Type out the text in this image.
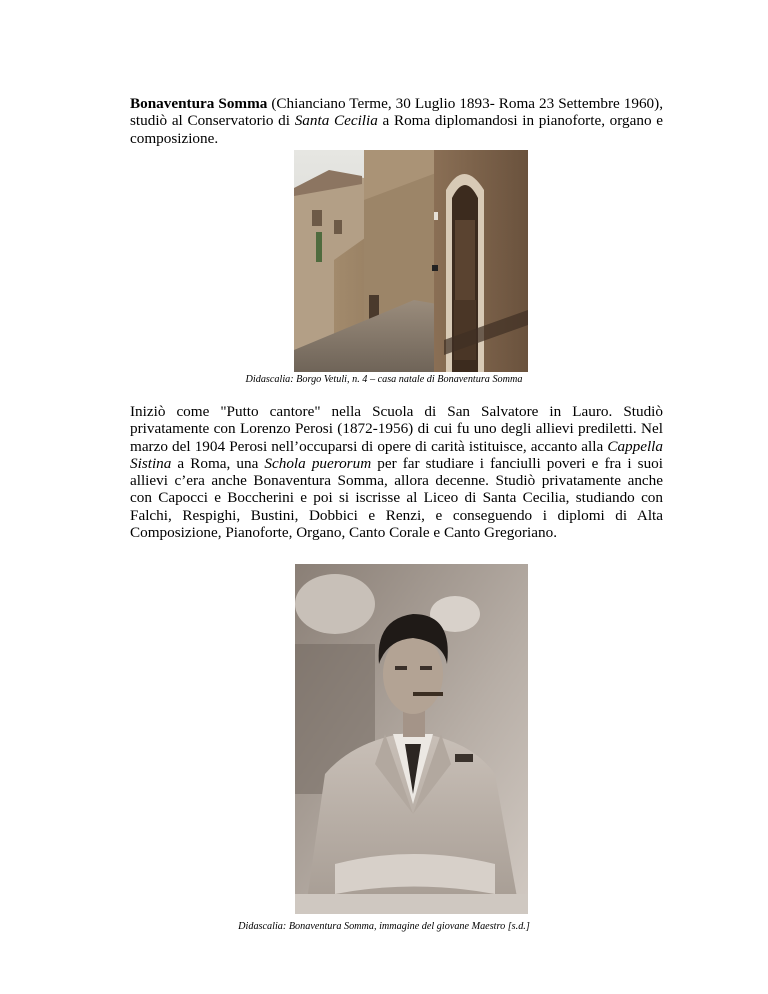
Bonaventura Somma (Chianciano Terme, 30 Luglio 1893- Roma 23 Settembre 1960), studiò al Conservatorio di Santa Cecilia a Roma diplomandosi in pianoforte, organo e composizione.

Didascalia: Borgo Vetuli, n. 4 – casa natale di Bonaventura Somma

Iniziò come "Putto cantore" nella Scuola di San Salvatore in Lauro. Studiò privatamente con Lorenzo Perosi (1872-1956) di cui fu uno degli allievi prediletti. Nel marzo del 1904 Perosi nell’occuparsi di opere di carità istituisce, accanto alla Cappella Sistina a Roma, una Schola puerorum per far studiare i fanciulli poveri e fra i suoi allievi c’era anche Bonaventura Somma, allora decenne. Studiò privatamente anche con Capocci e Boccherini e poi si iscrisse al Liceo di Santa Cecilia, studiando con Falchi, Respighi, Bustini, Dobbici e Renzi, e conseguendo i diplomi di Alta Composizione, Pianoforte, Organo, Canto Corale e Canto Gregoriano.

Didascalia: Bonaventura Somma, immagine del giovane Maestro [s.d.]
